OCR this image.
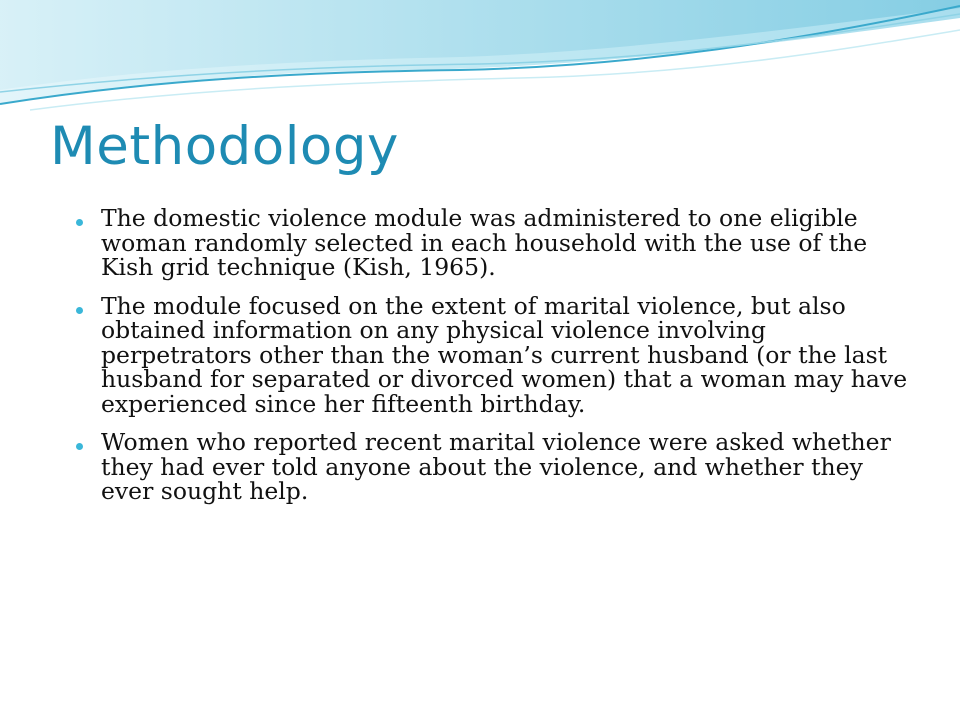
Methodology
The domestic violence module was administered to one eligible woman randomly selected in each household with the use of the Kish grid technique (Kish, 1965).
The module focused on the extent of marital violence, but also obtained information on any physical violence involving perpetrators other than the woman’s current husband (or the last husband for separated or divorced women) that a woman may have experienced since her fifteenth birthday.
Women who reported recent marital violence were asked whether they had ever told anyone about the violence, and whether they ever sought help.
